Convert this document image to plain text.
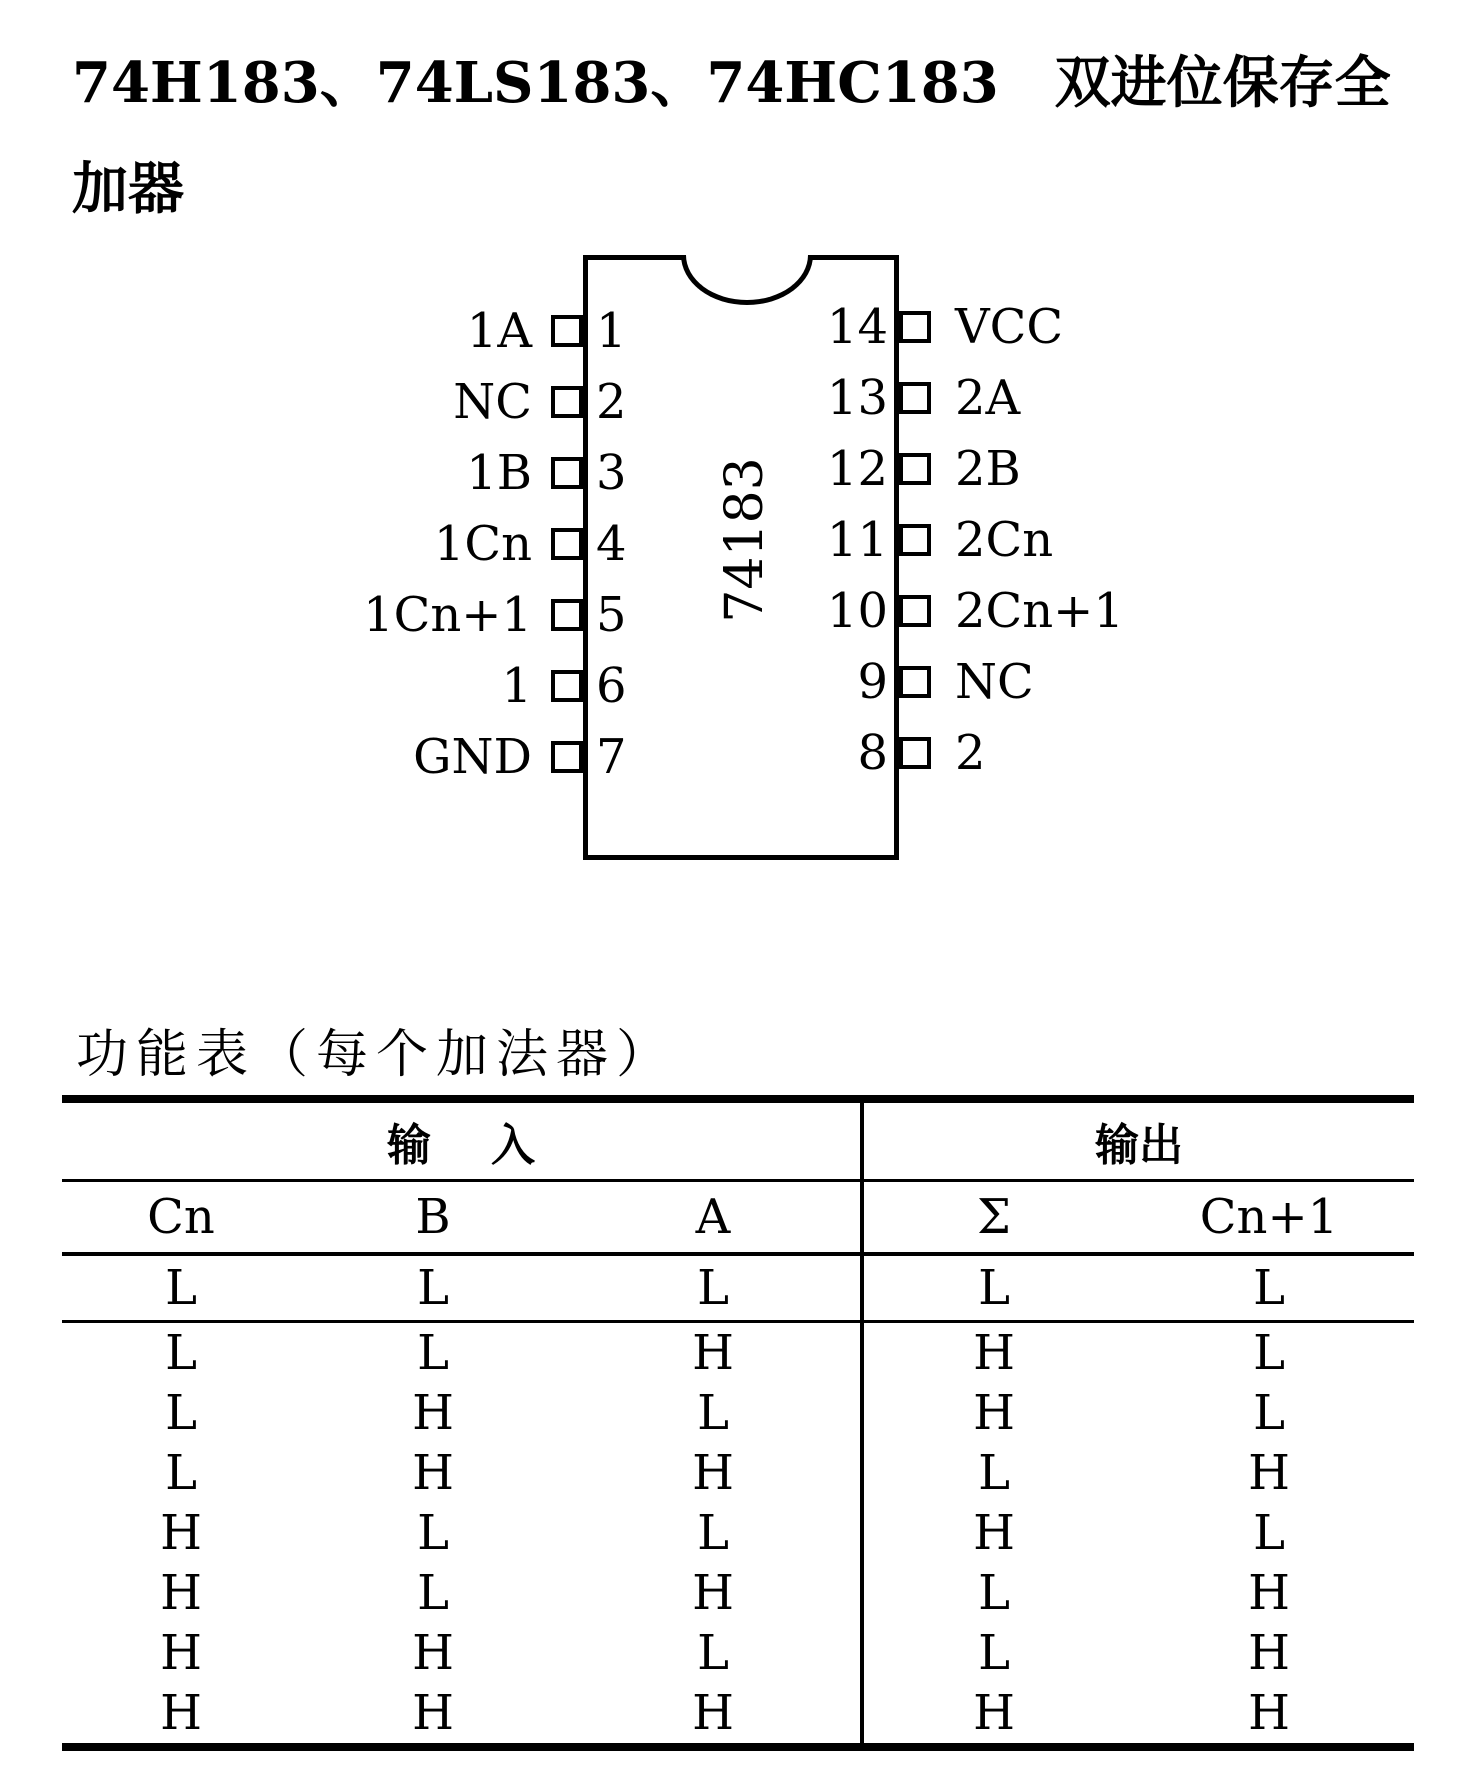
74H183、74LS183、74HC183　双进位保存全加器
74183
1A 1
NC 2
1B 3
1Cn 4
1Cn+1 5
1 6
GND 7
14 VCC
13 2A
12 2B
11 2Cn
10 2Cn+1
9 NC
8 2
功能表（每个加法器）
输入			输出	
Cn	B	A	Σ	Cn+1
L	L	L	L	L
L	L	H	H	L
L	H	L	H	L
L	H	H	L	H
H	L	L	H	L
H	L	H	L	H
H	H	L	L	H
H	H	H	H	H
